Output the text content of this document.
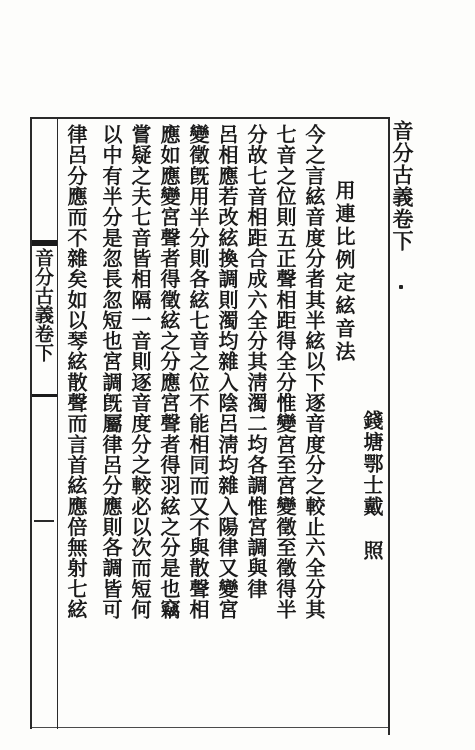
音分古義卷下
音分古義卷下
錢塘鄂士戴
照
用連比例定絃音法
今之言絃音度分者其半絃以下逐音度分之較止六全分其
七音之位則五正聲相距得全分惟變宮至宮變徵至徵得半
分故七音相距合成六全分其淸濁二均各調惟宮調與律
呂相應若改絃換調則濁均雜入陰呂淸均雜入陽律又變宮
變徵旣用半分則各絃七音之位不能相同而又不與散聲相
應如應變宮聲者得徵絃之分應宮聲者得羽絃之分是也竊
嘗疑之夫七音皆相隔一音則逐音度分之較必以次而短何
以中有半分是忽長忽短也宮調旣屬律呂分應則各調皆可
律呂分應而不雜矣如以琴絃散聲而言首絃應倍無射七絃
